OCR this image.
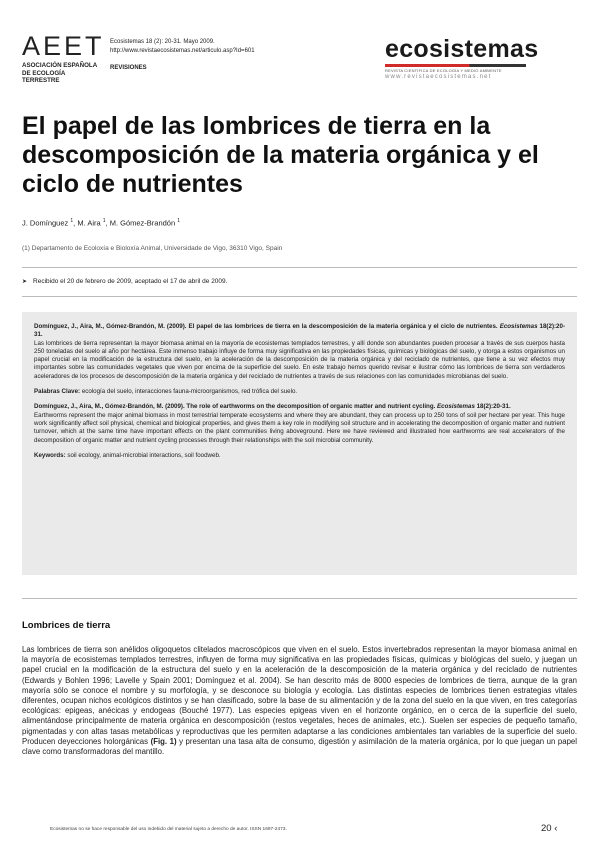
AEET
ASOCIACIÓN ESPAÑOLA
DE ECOLOGÍA TERRESTRE
Ecosistemas 18 (2): 20-31. Mayo 2009.
http://www.revistaecosistemas.net/articulo.asp?Id=601
REVISIONES
ecosistemas
REVISTA CIENTÍFICA DE ECOLOGÍA Y MEDIO AMBIENTE
www.revistaecosistemas.net
El papel de las lombrices de tierra en la descomposición de la materia orgánica y el ciclo de nutrientes
J. Domínguez $^1$, M. Aira $^1$, M. Gómez-Brandón $^1$
(1) Departamento de Ecoloxía e Bioloxía Animal, Universidade de Vigo, 36310 Vigo, Spain
➤ Recibido el 20 de febrero de 2009, aceptado el 17 de abril de 2009.

Domínguez, J., Aira, M., Gómez-Brandón, M. (2009). El papel de las lombrices de tierra en la descomposición de la materia orgánica y el ciclo de nutrientes. Ecosistemas 18(2):20-31.
Las lombrices de tierra representan la mayor biomasa animal en la mayoría de ecosistemas templados terrestres, y allí donde son abundantes pueden procesar a través de sus cuerpos hasta 250 toneladas del suelo al año por hectárea. Este inmenso trabajo influye de forma muy significativa en las propiedades físicas, químicas y biológicas del suelo, y otorga a estos organismos un papel crucial en la modificación de la estructura del suelo, en la aceleración de la descomposición de la materia orgánica y del reciclado de nutrientes, que tiene a su vez efectos muy importantes sobre las comunidades vegetales que viven por encima de la superficie del suelo. En este trabajo hemos querido revisar e ilustrar cómo las lombrices de tierra son verdaderos aceleradores de los procesos de descomposición de la materia orgánica y del reciclado de nutrientes a través de sus relaciones con las comunidades microbianas del suelo.

Palabras Clave: ecología del suelo, interacciones fauna-microorganismos, red trófica del suelo.

Domínguez, J., Aira, M., Gómez-Brandón, M. (2009). The role of earthworms on the decomposition of organic matter and nutrient cycling. Ecosistemas 18(2):20-31.
Earthworms represent the major animal biomass in most terrestrial temperate ecosystems and where they are abundant, they can process up to 250 tons of soil per hectare per year. This huge work significantly affect soil physical, chemical and biological properties, and gives them a key role in modifying soil structure and in accelerating the decomposition of organic matter and nutrient turnover, which at the same time have important effects on the plant communities living aboveground. Here we have reviewed and illustrated how earthworms are real accelerators of the decomposition of organic matter and nutrient cycling processes through their relationships with the soil microbial community.

Keywords: soil ecology, animal-microbial interactions, soil foodweb.

Lombrices de tierra

Las lombrices de tierra son anélidos oligoquetos clitelados macroscópicos que viven en el suelo. Estos invertebrados representan la mayor biomasa animal en la mayoría de ecosistemas templados terrestres, influyen de forma muy significativa en las propiedades físicas, químicas y biológicas del suelo, y juegan un papel crucial en la modificación de la estructura del suelo y en la aceleración de la descomposición de la materia orgánica y del reciclado de nutrientes (Edwards y Bohlen 1996; Lavelle y Spain 2001; Domínguez et al. 2004). Se han descrito más de 8000 especies de lombrices de tierra, aunque de la gran mayoría sólo se conoce el nombre y su morfología, y se desconoce su biología y ecología. Las distintas especies de lombrices tienen estrategias vitales diferentes, ocupan nichos ecológicos distintos y se han clasificado, sobre la base de su alimentación y de la zona del suelo en la que viven, en tres categorías ecológicas: epigeas, anécicas y endogeas (Bouché 1977). Las especies epigeas viven en el horizonte orgánico, en o cerca de la superficie del suelo, alimentándose principalmente de materia orgánica en descomposición (restos vegetales, heces de animales, etc.). Suelen ser especies de pequeño tamaño, pigmentadas y con altas tasas metabólicas y reproductivas que les permiten adaptarse a las condiciones ambientales tan variables de la superficie del suelo. Producen deyecciones holorgánicas (Fig. 1) y presentan una tasa alta de consumo, digestión y asimilación de la materia orgánica, por lo que juegan un papel clave como transformadoras del mantillo.

Ecosistemas no se hace responsable del uso indebido del material sujeto a derecho de autor. ISSN 1697-2473.	20 ‹
